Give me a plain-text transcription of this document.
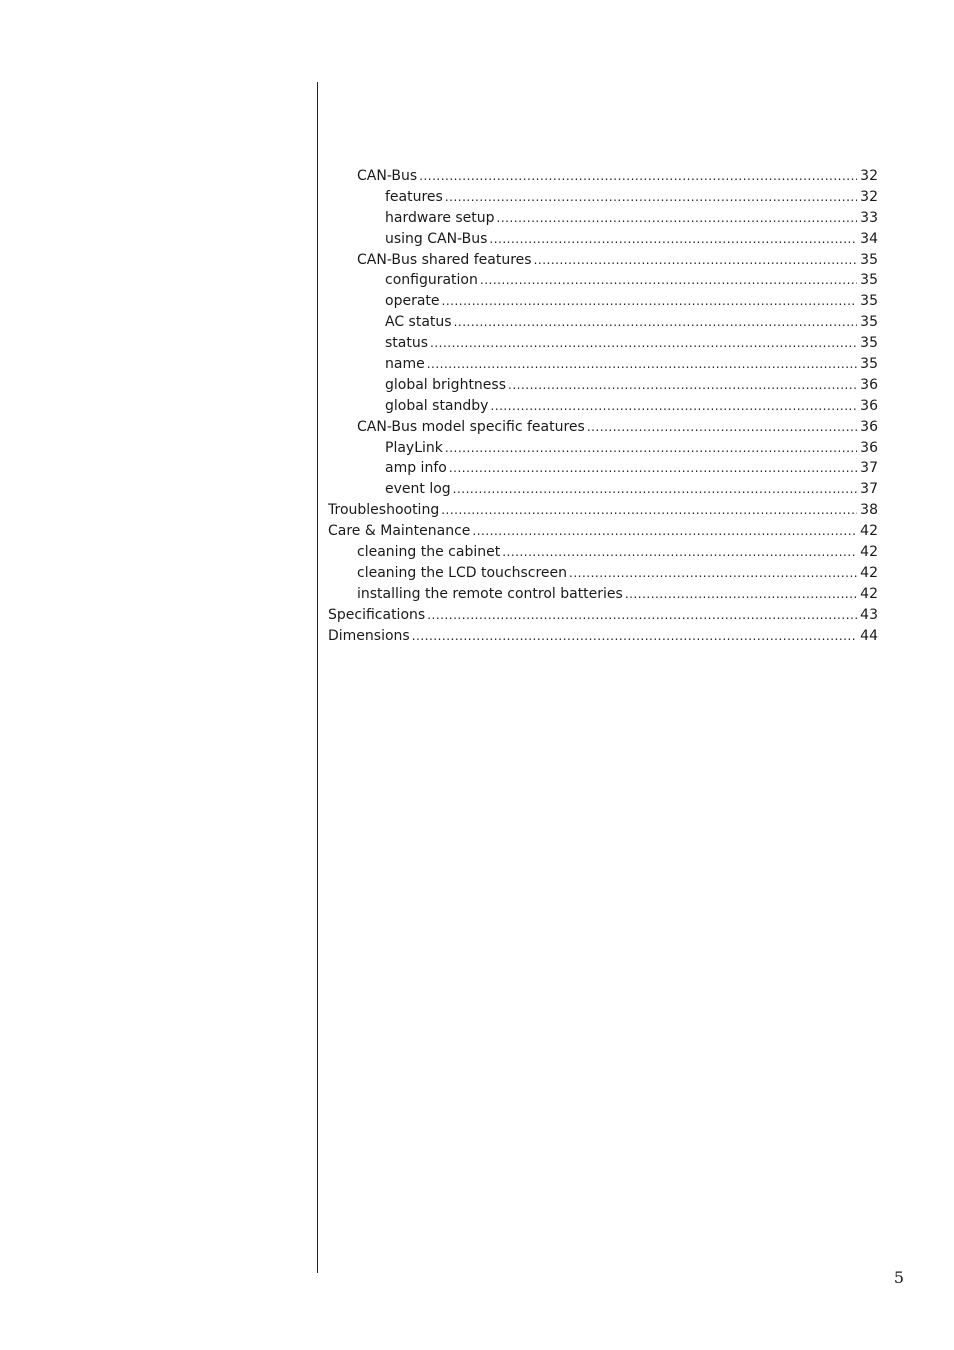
CAN-Bus .....	32
features .....	32
hardware setup .....	33
using CAN-Bus .....	34
CAN-Bus shared features .....	35
configuration .....	35
operate .....	35
AC status .....	35
status .....	35
name .....	35
global brightness .....	36
global standby .....	36
CAN-Bus model specific features .....	36
PlayLink .....	36
amp info .....	37
event log .....	37
Troubleshooting .....	38
Care & Maintenance .....	42
cleaning the cabinet .....	42
cleaning the LCD touchscreen .....	42
installing the remote control batteries .....	42
Specifications .....	43
Dimensions .....	44
5
